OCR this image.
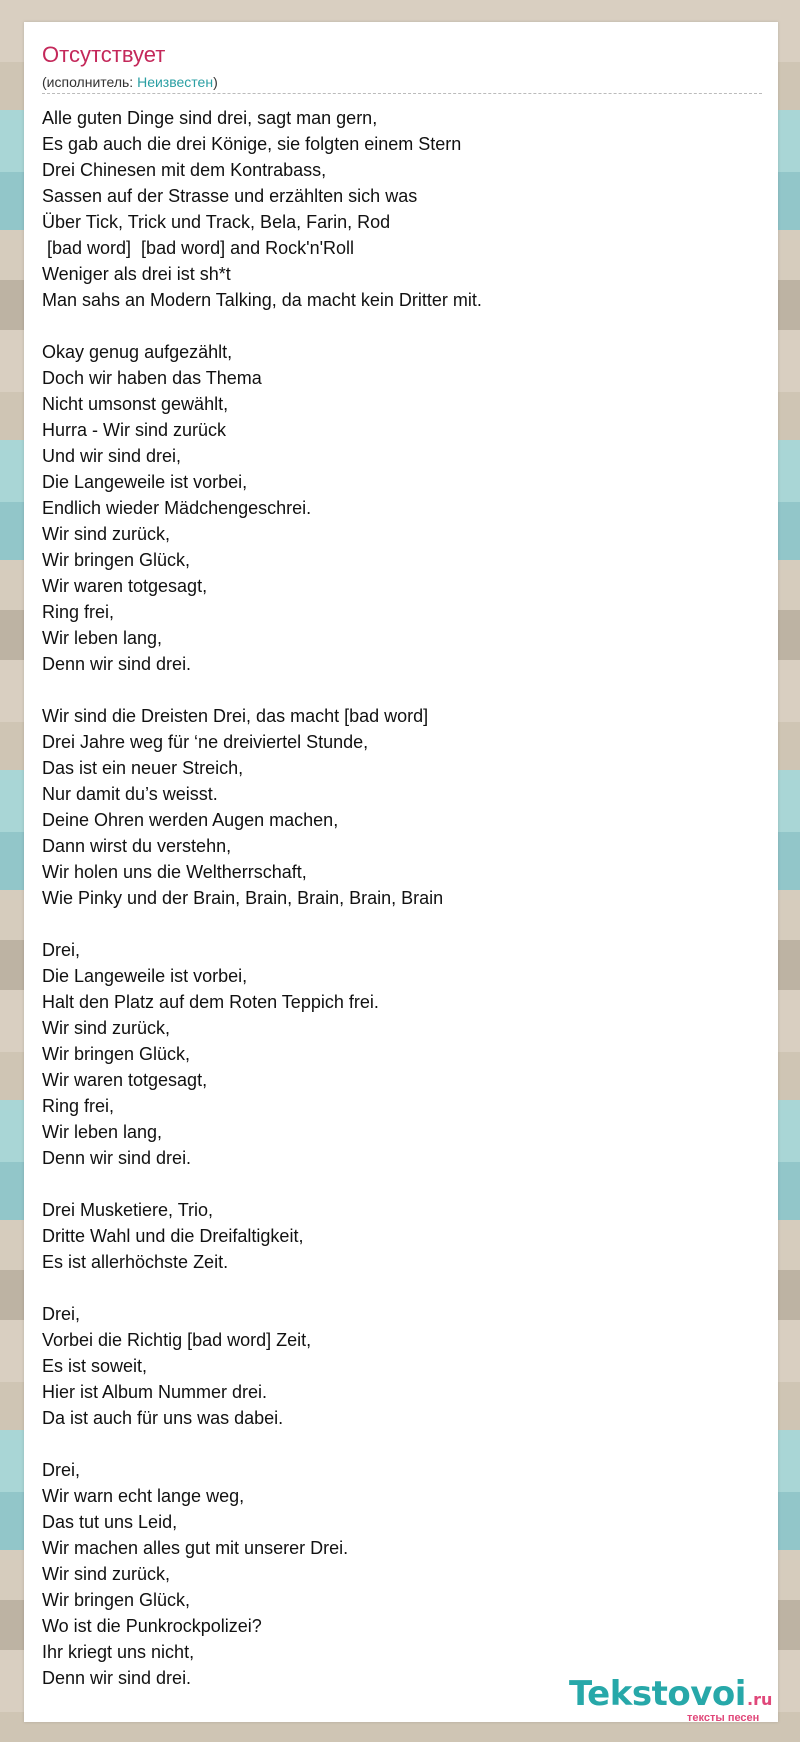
Отсутствует
(исполнитель: Неизвестен)
Alle guten Dinge sind drei, sagt man gern,
Es gab auch die drei Könige, sie folgten einem Stern
Drei Chinesen mit dem Kontrabass,
Sassen auf der Strasse und erzählten sich was
Über Tick, Trick und Track, Bela, Farin, Rod
[bad word]  [bad word] and Rock'n'Roll
Weniger als drei ist sh*t
Man sahs an Modern Talking, da macht kein Dritter mit.
Okay genug aufgezählt,
Doch wir haben das Thema
Nicht umsonst gewählt,
Hurra - Wir sind zurück
Und wir sind drei,
Die Langeweile ist vorbei,
Endlich wieder Mädchengeschrei.
Wir sind zurück,
Wir bringen Glück,
Wir waren totgesagt,
Ring frei,
Wir leben lang,
Denn wir sind drei.
Wir sind die Dreisten Drei, das macht [bad word]
Drei Jahre weg für ‘ne dreiviertel Stunde,
Das ist ein neuer Streich,
Nur damit du’s weisst.
Deine Ohren werden Augen machen,
Dann wirst du verstehn,
Wir holen uns die Weltherrschaft,
Wie Pinky und der Brain, Brain, Brain, Brain, Brain
Drei,
Die Langeweile ist vorbei,
Halt den Platz auf dem Roten Teppich frei.
Wir sind zurück,
Wir bringen Glück,
Wir waren totgesagt,
Ring frei,
Wir leben lang,
Denn wir sind drei.
Drei Musketiere, Trio,
Dritte Wahl und die Dreifaltigkeit,
Es ist allerhöchste Zeit.
Drei,
Vorbei die Richtig [bad word] Zeit,
Es ist soweit,
Hier ist Album Nummer drei.
Da ist auch für uns was dabei.
Drei,
Wir warn echt lange weg,
Das tut uns Leid,
Wir machen alles gut mit unserer Drei.
Wir sind zurück,
Wir bringen Glück,
Wo ist die Punkrockpolizei?
Ihr kriegt uns nicht,
Denn wir sind drei.	Tekstovoi .ru
тексты песен
